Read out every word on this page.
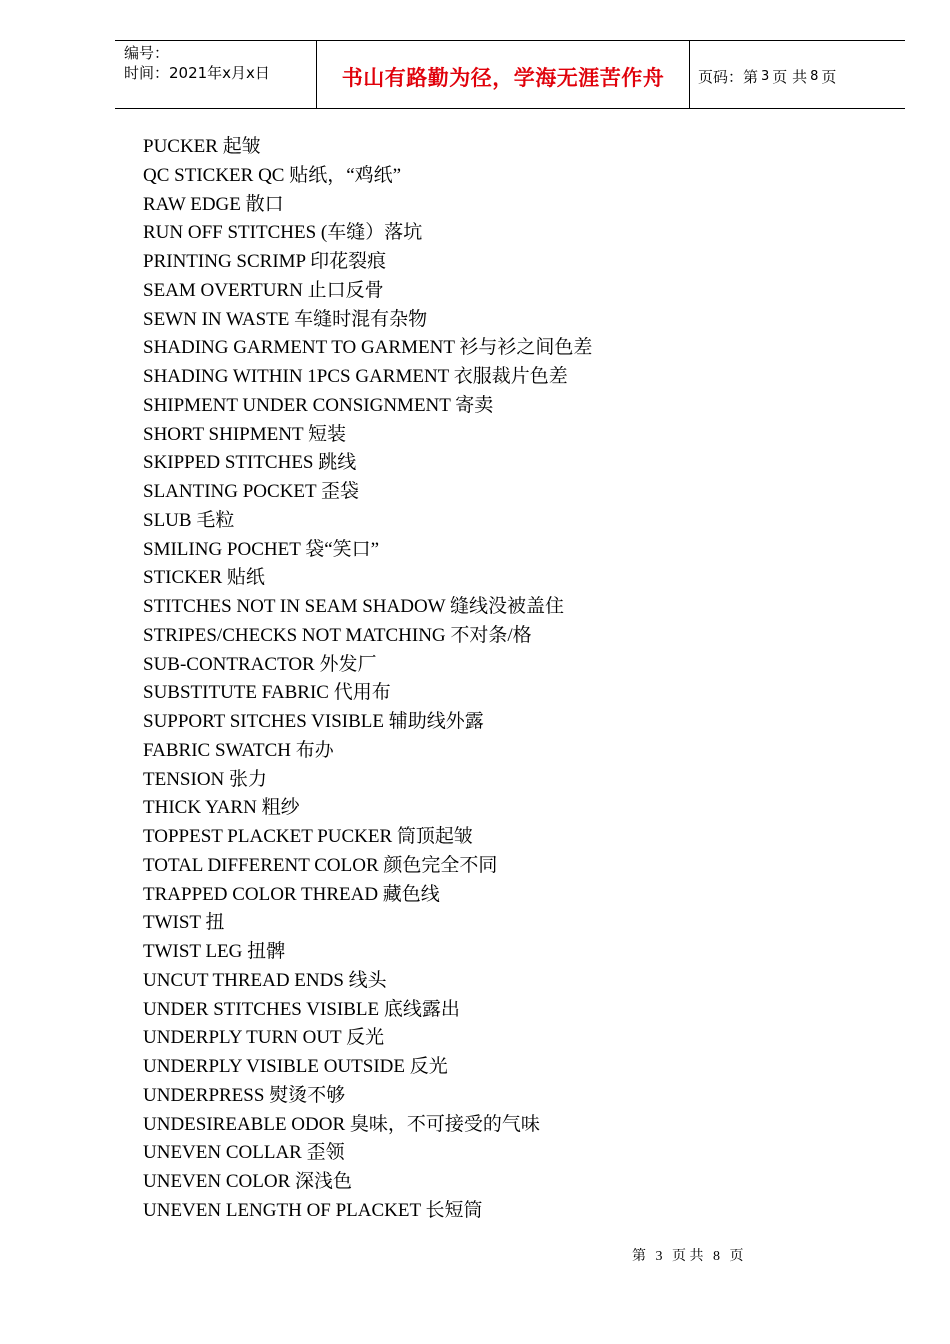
编号：
时间：2021年x月x日	书山有路勤为径，学海无涯苦作舟 页码：第 3 页 共 8 页
PUCKER 起皱
QC STICKER QC 贴纸，“鸡纸”
RAW EDGE 散口
RUN OFF STITCHES (车缝）落坑
PRINTING SCRIMP 印花裂痕
SEAM OVERTURN 止口反骨
SEWN IN WASTE 车缝时混有杂物
SHADING GARMENT TO GARMENT 衫与衫之间色差
SHADING WITHIN 1PCS GARMENT 衣服裁片色差
SHIPMENT UNDER CONSIGNMENT 寄卖
SHORT SHIPMENT 短装
SKIPPED STITCHES 跳线
SLANTING POCKET 歪袋
SLUB 毛粒
SMILING POCHET 袋“笑口”
STICKER 贴纸
STITCHES NOT IN SEAM SHADOW 缝线没被盖住
STRIPES/CHECKS NOT MATCHING 不对条/格
SUB-CONTRACTOR 外发厂
SUBSTITUTE FABRIC 代用布
SUPPORT SITCHES VISIBLE 辅助线外露
FABRIC SWATCH 布办
TENSION 张力
THICK YARN 粗纱
TOPPEST PLACKET PUCKER 筒顶起皱
TOTAL DIFFERENT COLOR 颜色完全不同
TRAPPED COLOR THREAD 藏色线
TWIST 扭
TWIST LEG 扭髀
UNCUT THREAD ENDS 线头
UNDER STITCHES VISIBLE 底线露出
UNDERPLY TURN OUT 反光
UNDERPLY VISIBLE OUTSIDE 反光
UNDERPRESS 熨烫不够
UNDESIREABLE ODOR 臭味，不可接受的气味
UNEVEN COLLAR 歪领
UNEVEN COLOR 深浅色
UNEVEN LENGTH OF PLACKET 长短筒
第 3 页 共 8 页
